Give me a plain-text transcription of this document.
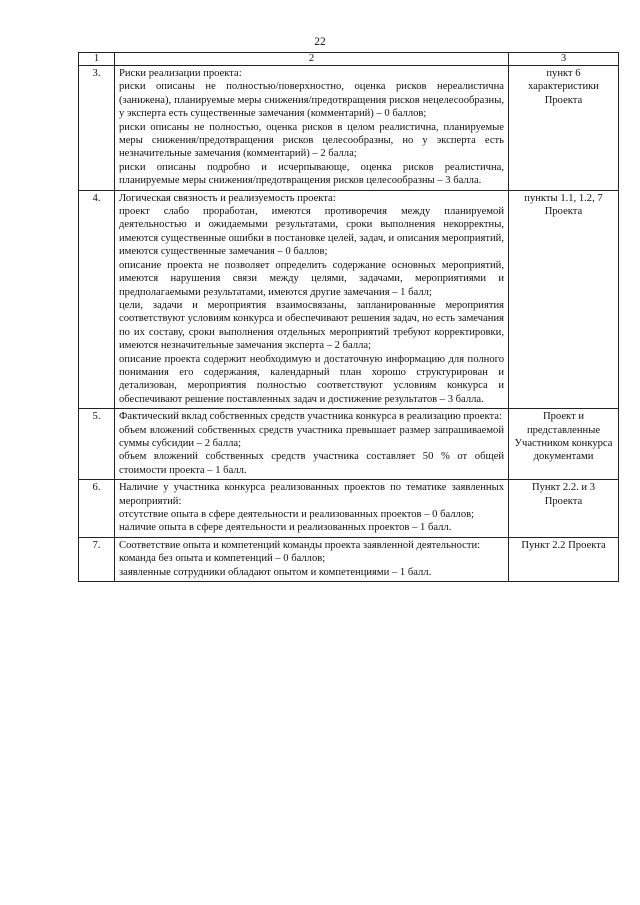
22
1	2	3
3.	Риски реализации проекта:
риски описаны не полностью/поверхностно, оценка рисков нереалистична (занижена), планируемые меры снижения/предотвращения рисков нецелесообразны, у эксперта есть существенные замечания (комментарий) – 0 баллов;
риски описаны не полностью, оценка рисков в целом реалистична, планируемые меры снижения/предотвращения рисков целесообразны, но у эксперта есть незначительные замечания (комментарий) – 2 балла;
риски описаны подробно и исчерпывающе, оценка рисков реалистична, планируемые меры снижения/предотвращения рисков целесообразны – 3 балла.	пункт 6 характеристики Проекта
4.	Логическая связность и реализуемость проекта:
проект слабо проработан, имеются противоречия между планируемой деятельностью и ожидаемыми результатами, сроки выполнения некорректны, имеются существенные ошибки в постановке целей, задач, и описания мероприятий, имеются существенные замечания – 0 баллов;
описание проекта не позволяет определить содержание основных мероприятий, имеются нарушения связи между целями, задачами, мероприятиями и предполагаемыми результатами, имеются другие замечания – 1 балл;
цели, задачи и мероприятия взаимосвязаны, запланированные мероприятия соответствуют условиям конкурса и обеспечивают решения задач, но есть замечания по их составу, сроки выполнения отдельных мероприятий требуют корректировки, имеются незначительные замечания эксперта – 2 балла;
описание проекта содержит необходимую и достаточную информацию для полного понимания его содержания, календарный план хорошо структурирован и детализован, мероприятия полностью соответствуют условиям конкурса и обеспечивают решение поставленных задач и достижение результатов – 3 балла.	пункты 1.1, 1.2, 7 Проекта
5.	Фактический вклад собственных средств участника конкурса в реализацию проекта:
объем вложений собственных средств участника превышает размер запрашиваемой суммы субсидии – 2 балла;
объем вложений собственных средств участника составляет 50 % от общей стоимости проекта – 1 балл.	Проект и представленные Участником конкурса документами
6.	Наличие у участника конкурса реализованных проектов по тематике заявленных мероприятий:
отсутствие опыта в сфере деятельности и реализованных проектов – 0 баллов;
наличие опыта в сфере деятельности и реализованных проектов – 1 балл.	Пункт 2.2. и 3 Проекта
7.	Соответствие опыта и компетенций команды проекта заявленной деятельности:
команда без опыта и компетенций – 0 баллов;
заявленные сотрудники обладают опытом и компетенциями – 1 балл.	Пункт 2.2 Проекта
